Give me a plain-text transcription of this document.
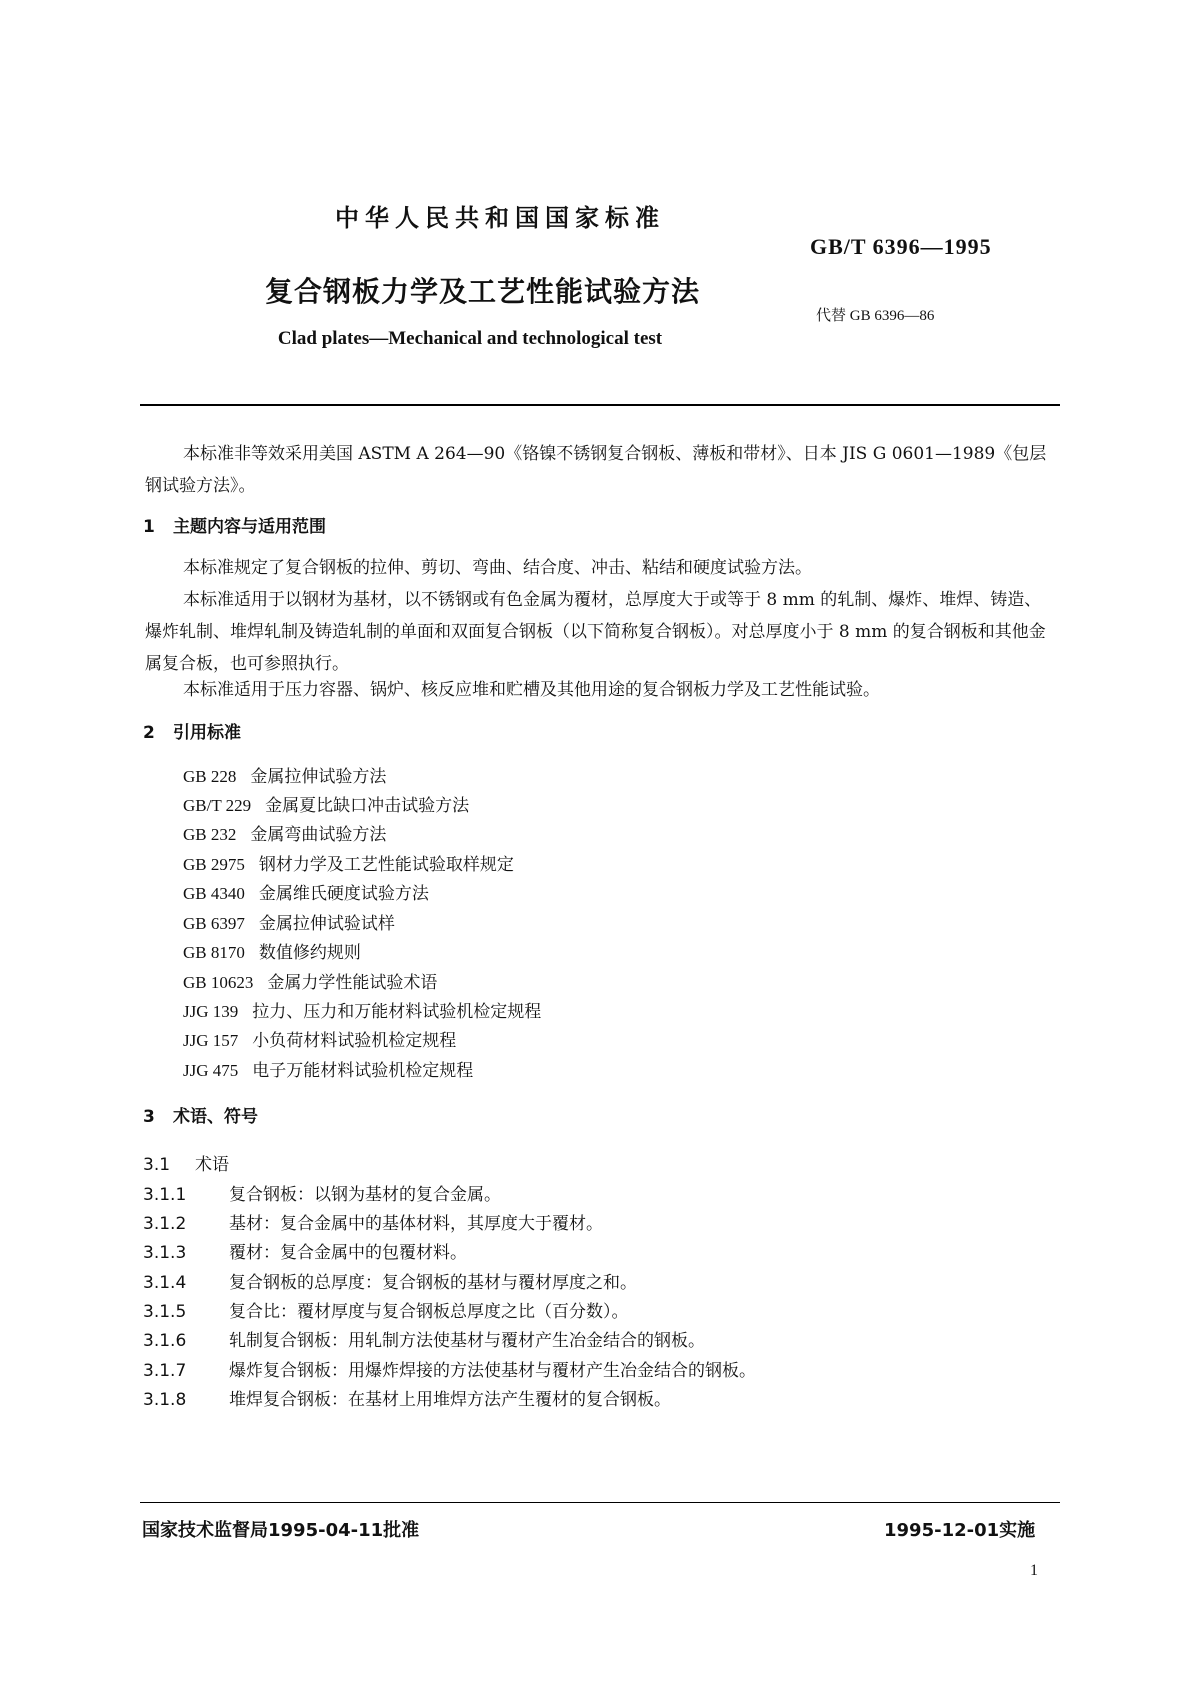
中华人民共和国国家标准
GB/T 6396—1995
复合钢板力学及工艺性能试验方法
代替 GB 6396—86
Clad plates—Mechanical and technological test
本标准非等效采用美国 ASTM A 264—90《铬镍不锈钢复合钢板、薄板和带材》、日本 JIS G 0601—1989《包层钢试验方法》。
1 主题内容与适用范围
本标准规定了复合钢板的拉伸、剪切、弯曲、结合度、冲击、粘结和硬度试验方法。
本标准适用于以钢材为基材，以不锈钢或有色金属为覆材，总厚度大于或等于 8 mm 的轧制、爆炸、堆焊、铸造、爆炸轧制、堆焊轧制及铸造轧制的单面和双面复合钢板（以下简称复合钢板）。对总厚度小于 8 mm 的复合钢板和其他金属复合板，也可参照执行。
本标准适用于压力容器、锅炉、核反应堆和贮槽及其他用途的复合钢板力学及工艺性能试验。
2 引用标准
GB 228 金属拉伸试验方法
GB/T 229 金属夏比缺口冲击试验方法
GB 232 金属弯曲试验方法
GB 2975 钢材力学及工艺性能试验取样规定
GB 4340 金属维氏硬度试验方法
GB 6397 金属拉伸试验试样
GB 8170 数值修约规则
GB 10623 金属力学性能试验术语
JJG 139 拉力、压力和万能材料试验机检定规程
JJG 157 小负荷材料试验机检定规程
JJG 475 电子万能材料试验机检定规程
3 术语、符号
3.1 术语
3.1.1	复合钢板：以钢为基材的复合金属。
3.1.2	基材：复合金属中的基体材料，其厚度大于覆材。
3.1.3	覆材：复合金属中的包覆材料。
3.1.4	复合钢板的总厚度：复合钢板的基材与覆材厚度之和。
3.1.5	复合比：覆材厚度与复合钢板总厚度之比（百分数）。
3.1.6	轧制复合钢板：用轧制方法使基材与覆材产生冶金结合的钢板。
3.1.7	爆炸复合钢板：用爆炸焊接的方法使基材与覆材产生冶金结合的钢板。
3.1.8	堆焊复合钢板：在基材上用堆焊方法产生覆材的复合钢板。
国家技术监督局1995-04-11批准	1995-12-01实施
1
